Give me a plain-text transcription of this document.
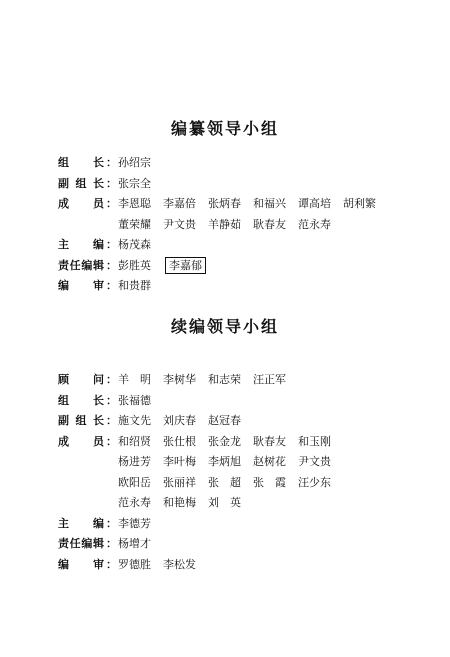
编纂领导小组
组 长 ： 孙绍宗
副 组 长 ： 张宗全
成 员 ： 李恩聪 李嘉倍 张炳春 和福兴 谭高培 胡利繁
董荣耀 尹文贵 羊静茹 耿春友 范永寿
主 编 ： 杨茂森
责 任 编 辑 ： 彭胜英 李嘉郁
编 审 ： 和贵群
续编领导小组
顾 问 ： 羊　明 李树华 和志荣 汪正军
组 长 ： 张福德
副 组 长 ： 施文先 刘庆春 赵冠春
成 员 ： 和绍贤 张仕根 张金龙 耿春友 和玉刚
杨进芳 李叶梅 李炳旭 赵树花 尹文贵
欧阳岳 张丽祥 张　超 张　霞 汪少东
范永寿 和艳梅 刘　英
主 编 ： 李德芳
责 任 编 辑 ： 杨增才
编 审 ： 罗德胜 李松发
